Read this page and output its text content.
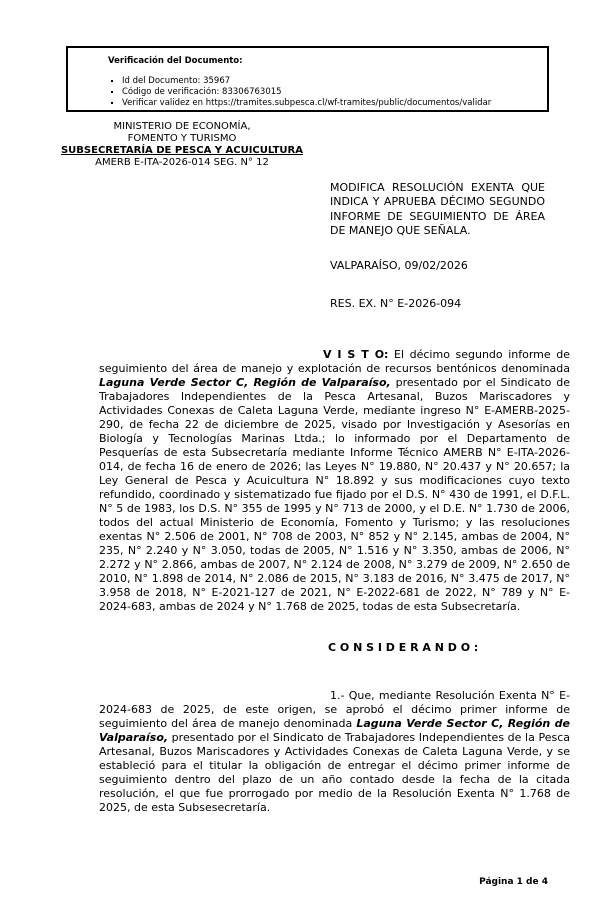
Verificación del Documento:
▪ Id del Documento: 35967
▪ Código de verificación: 83306763015
▪ Verificar validez en https://tramites.subpesca.cl/wf-tramites/public/documentos/validar
MINISTERIO DE ECONOMÍA,
FOMENTO Y TURISMO
SUBSECRETARÍA DE PESCA Y ACUICULTURA
AMERB E-ITA-2026-014 SEG. N° 12
MODIFICA RESOLUCIÓN EXENTA QUE INDICA Y APRUEBA DÉCIMO SEGUNDO INFORME DE SEGUIMIENTO DE ÁREA DE MANEJO QUE SEÑALA.
VALPARAÍSO, 09/02/2026
RES. EX. N° E-2026-094

V I S T O: El décimo segundo informe de seguimiento del área de manejo y explotación de recursos bentónicos denominada Laguna Verde Sector C, Región de Valparaíso, presentado por el Sindicato de Trabajadores Independientes de la Pesca Artesanal, Buzos Mariscadores y Actividades Conexas de Caleta Laguna Verde, mediante ingreso N° E-AMERB-2025-290, de fecha 22 de diciembre de 2025, visado por Investigación y Asesorías en Biología y Tecnologías Marinas Ltda.; lo informado por el Departamento de Pesquerías de esta Subsecretaría mediante Informe Técnico AMERB N° E-ITA-2026-014, de fecha 16 de enero de 2026; las Leyes N° 19.880, N° 20.437 y N° 20.657; la Ley General de Pesca y Acuicultura N° 18.892 y sus modificaciones cuyo texto refundido, coordinado y sistematizado fue fijado por el D.S. N° 430 de 1991, el D.F.L. N° 5 de 1983, los D.S. N° 355 de 1995 y N° 713 de 2000, y el D.E. N° 1.730 de 2006, todos del actual Ministerio de Economía, Fomento y Turismo; y las resoluciones exentas N° 2.506 de 2001, N° 708 de 2003, N° 852 y N° 2.145, ambas de 2004, N° 235, N° 2.240 y N° 3.050, todas de 2005, N° 1.516 y N° 3.350, ambas de 2006, N° 2.272 y N° 2.866, ambas de 2007, N° 2.124 de 2008, N° 3.279 de 2009, N° 2.650 de 2010, N° 1.898 de 2014, N° 2.086 de 2015, N° 3.183 de 2016, N° 3.475 de 2017, N° 3.958 de 2018, N° E-2021-127 de 2021, N° E-2022-681 de 2022, N° 789 y N° E-2024-683, ambas de 2024 y N° 1.768 de 2025, todas de esta Subsecretaría.

C O N S I D E R A N D O :

1.- Que, mediante Resolución Exenta N° E-2024-683 de 2025, de este origen, se aprobó el décimo primer informe de seguimiento del área de manejo denominada Laguna Verde Sector C, Región de Valparaíso, presentado por el Sindicato de Trabajadores Independientes de la Pesca Artesanal, Buzos Mariscadores y Actividades Conexas de Caleta Laguna Verde, y se estableció para el titular la obligación de entregar el décimo primer informe de seguimiento dentro del plazo de un año contado desde la fecha de la citada resolución, el que fue prorrogado por medio de la Resolución Exenta N° 1.768 de 2025, de esta Subsesecretaría.

Página 1 de 4
